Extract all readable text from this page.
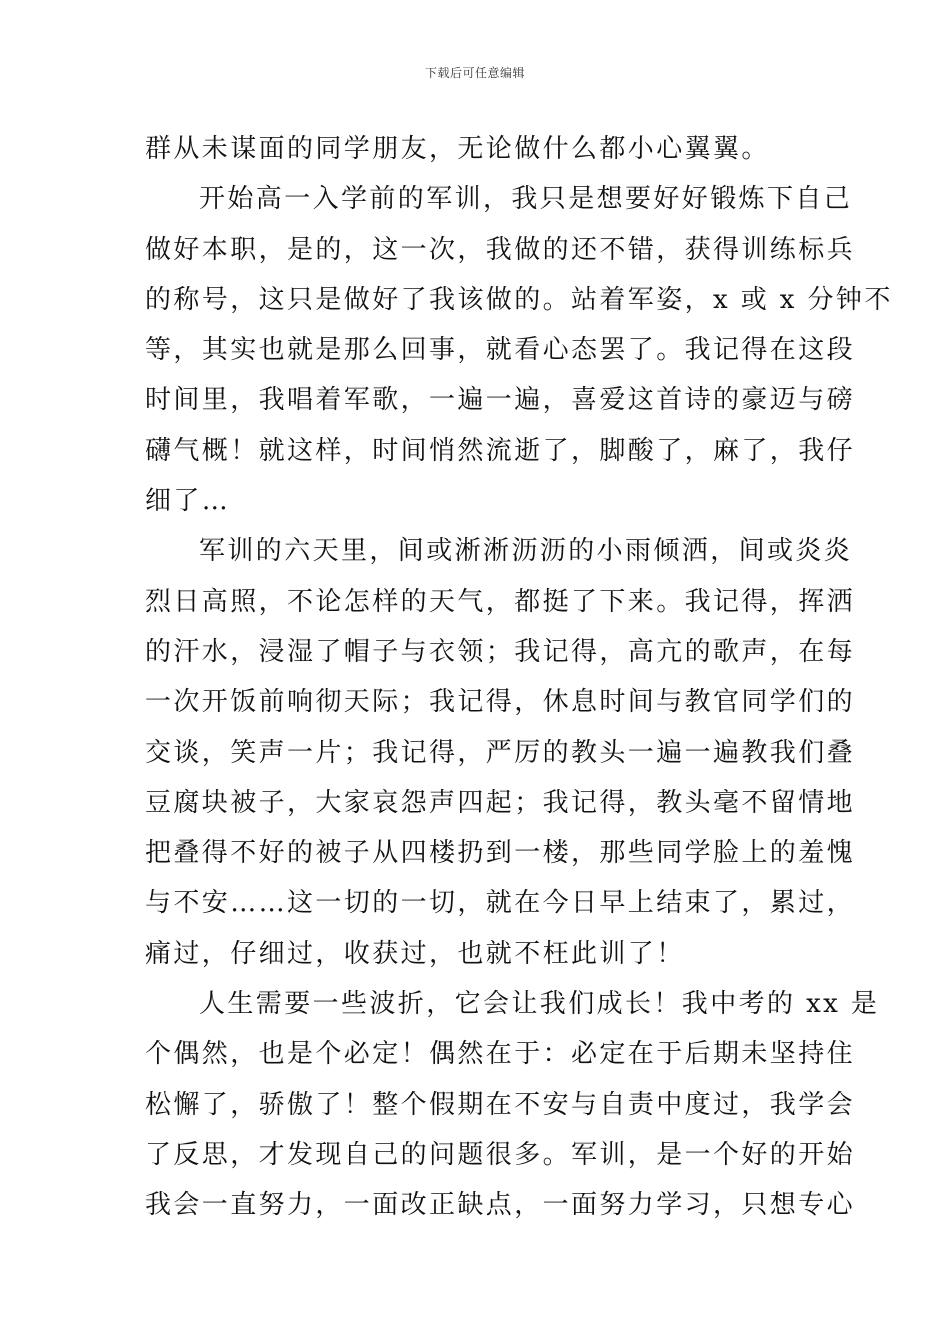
下载后可任意编辑
群从未谋面的同学朋友，无论做什么都小心翼翼。
开始高一入学前的军训，我只是想要好好锻炼下自己
做好本职，是的，这一次，我做的还不错，获得训练标兵
的称号，这只是做好了我该做的。站着军姿，x 或 x 分钟不
等，其实也就是那么回事，就看心态罢了。我记得在这段
时间里，我唱着军歌，一遍一遍，喜爱这首诗的豪迈与磅
礴气概！就这样，时间悄然流逝了，脚酸了，麻了，我仔
细了…
军训的六天里，间或淅淅沥沥的小雨倾洒，间或炎炎
烈日高照，不论怎样的天气，都挺了下来。我记得，挥洒
的汗水，浸湿了帽子与衣领；我记得，高亢的歌声，在每
一次开饭前响彻天际；我记得，休息时间与教官同学们的
交谈，笑声一片；我记得，严厉的教头一遍一遍教我们叠
豆腐块被子，大家哀怨声四起；我记得，教头毫不留情地
把叠得不好的被子从四楼扔到一楼，那些同学脸上的羞愧
与不安……这一切的一切，就在今日早上结束了，累过，
痛过，仔细过，收获过，也就不枉此训了！
人生需要一些波折，它会让我们成长！我中考的 xx 是
个偶然，也是个必定！偶然在于：必定在于后期未坚持住
松懈了，骄傲了！整个假期在不安与自责中度过，我学会
了反思，才发现自己的问题很多。军训，是一个好的开始
我会一直努力，一面改正缺点，一面努力学习，只想专心
